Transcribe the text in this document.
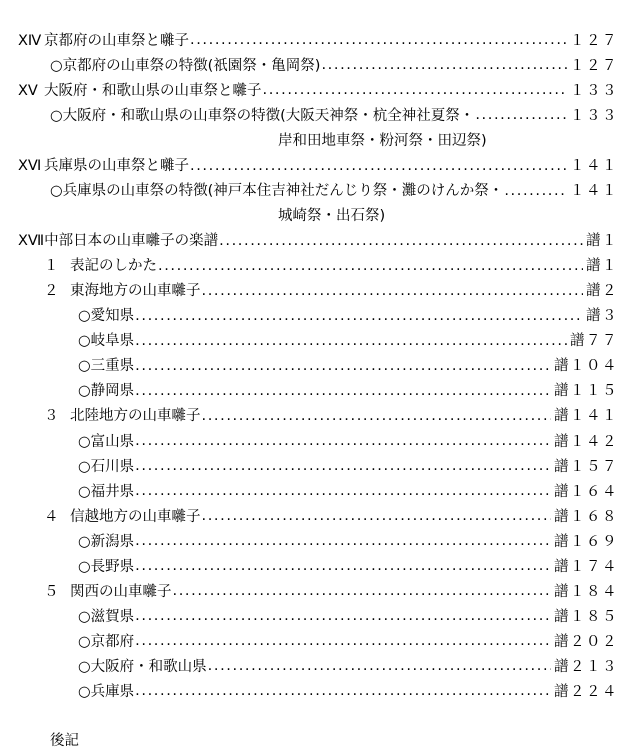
ⅩⅣ 京都府の山車祭と囃子 .....	１２７
○京都府の山車祭の特徴(祇園祭・亀岡祭) .....	１２７
ⅩⅤ 大阪府・和歌山県の山車祭と囃子 .....	１３３
○大阪府・和歌山県の山車祭の特徴(大阪天神祭・杭全神社夏祭・ .....	１３３
岸和田地車祭・粉河祭・田辺祭)
ⅩⅥ 兵庫県の山車祭と囃子 .....	１４１
○兵庫県の山車祭の特徴(神戸本住吉神社だんじり祭・灘のけんか祭・ .....	１４１
城崎祭・出石祭)
ⅩⅦ 中部日本の山車囃子の楽譜 .....	譜１
１ 表記のしかた .....	譜１
２ 東海地方の山車囃子 .....	譜２
○愛知県 .....	譜３
○岐阜県 .....	譜７７
○三重県 .....	譜１０４
○静岡県 .....	譜１１５
３ 北陸地方の山車囃子 .....	譜１４１
○富山県 .....	譜１４２
○石川県 .....	譜１５７
○福井県 .....	譜１６４
４ 信越地方の山車囃子 .....	譜１６８
○新潟県 .....	譜１６９
○長野県 .....	譜１７４
５ 関西の山車囃子 .....	譜１８４
○滋賀県 .....	譜１８５
○京都府 .....	譜２０２
○大阪府・和歌山県 .....	譜２１３
○兵庫県 .....	譜２２４
後記
